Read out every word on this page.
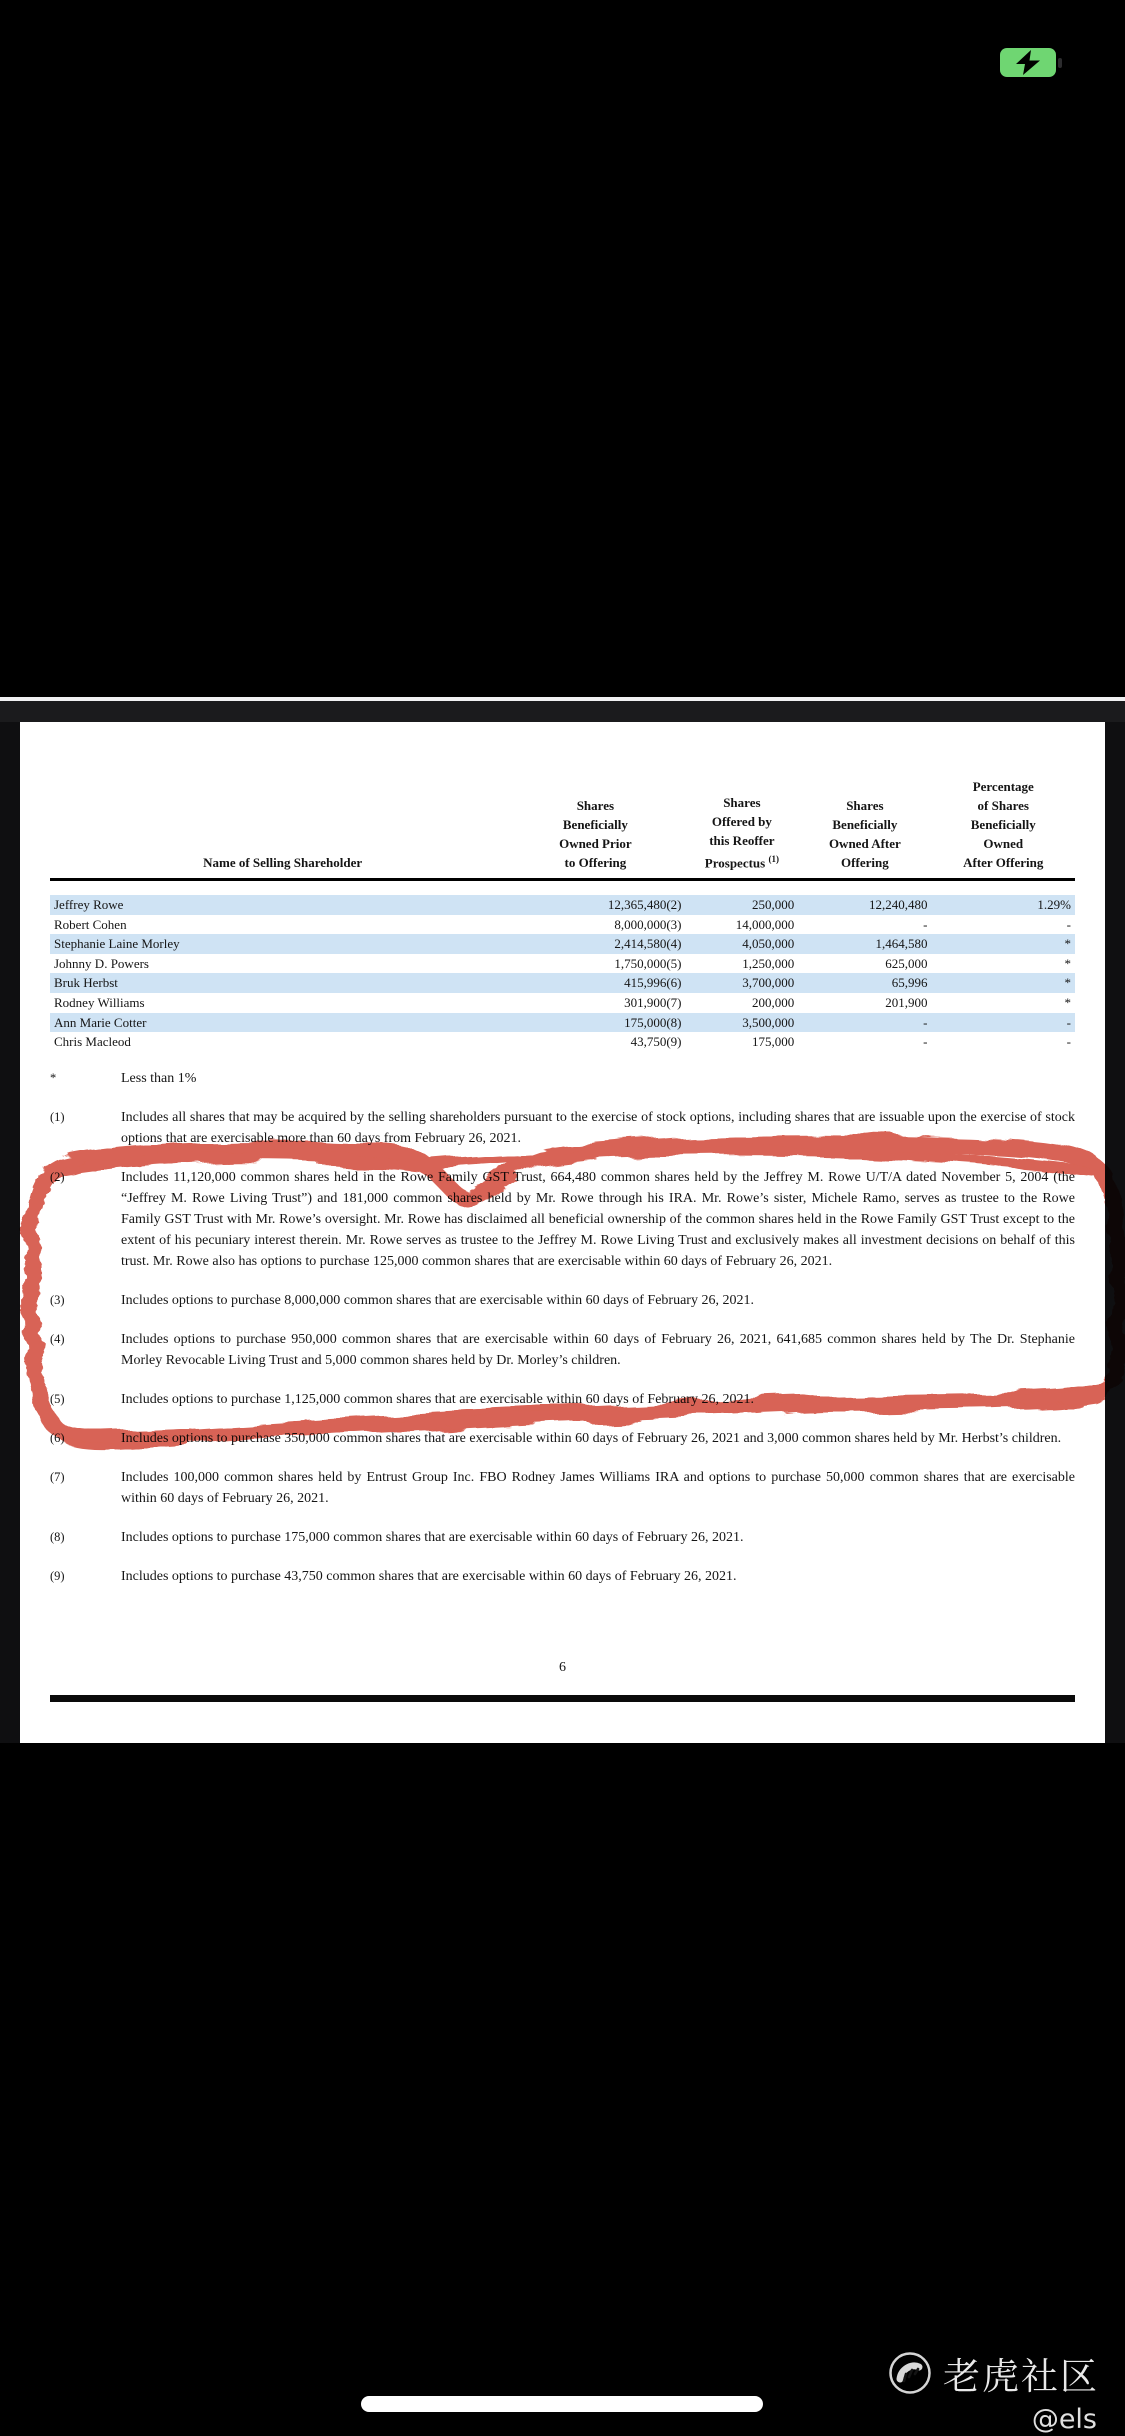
Name of Selling Shareholder	Shares
Beneficially
Owned Prior
to Offering	Shares
Offered by
this Reoffer
Prospectus $^{(1)}$	Shares
Beneficially
Owned After
Offering	Percentage
of Shares
Beneficially
Owned
After Offering

Jeffrey Rowe	12,365,480(2)	250,000	12,240,480	1.29%
Robert Cohen	8,000,000(3)	14,000,000	-	-
Stephanie Laine Morley	2,414,580(4)	4,050,000	1,464,580	*
Johnny D. Powers	1,750,000(5)	1,250,000	625,000	*
Bruk Herbst	415,996(6)	3,700,000	65,996	*
Rodney Williams	301,900(7)	200,000	201,900	*
Ann Marie Cotter	175,000(8)	3,500,000	-	-
Chris Macleod	43,750(9)	175,000	-	-
*	Less than 1%

(1)	Includes all shares that may be acquired by the selling shareholders pursuant to the exercise of stock options, including shares that are issuable upon the exercise of stock options that are exercisable more than 60 days from February 26, 2021.

(2)	Includes 11,120,000 common shares held in the Rowe Family GST Trust, 664,480 common shares held by the Jeffrey M. Rowe U/T/A dated November 5, 2004 (the “Jeffrey M. Rowe Living Trust”) and 181,000 common shares held by Mr. Rowe through his IRA. Mr. Rowe’s sister, Michele Ramo, serves as trustee to the Rowe Family GST Trust with Mr. Rowe’s oversight. Mr. Rowe has disclaimed all beneficial ownership of the common shares held in the Rowe Family GST Trust except to the extent of his pecuniary interest therein. Mr. Rowe serves as trustee to the Jeffrey M. Rowe Living Trust and exclusively makes all investment decisions on behalf of this trust. Mr. Rowe also has options to purchase 125,000 common shares that are exercisable within 60 days of February 26, 2021.

(3)	Includes options to purchase 8,000,000 common shares that are exercisable within 60 days of February 26, 2021.

(4)	Includes options to purchase 950,000 common shares that are exercisable within 60 days of February 26, 2021, 641,685 common shares held by The Dr. Stephanie Morley Revocable Living Trust and 5,000 common shares held by Dr. Morley’s children.

(5)	Includes options to purchase 1,125,000 common shares that are exercisable within 60 days of February 26, 2021.

(6)	Includes options to purchase 350,000 common shares that are exercisable within 60 days of February 26, 2021 and 3,000 common shares held by Mr. Herbst’s children.

(7)	Includes 100,000 common shares held by Entrust Group Inc. FBO Rodney James Williams IRA and options to purchase 50,000 common shares that are exercisable within 60 days of February 26, 2021.

(8)	Includes options to purchase 175,000 common shares that are exercisable within 60 days of February 26, 2021.

(9)	Includes options to purchase 43,750 common shares that are exercisable within 60 days of February 26, 2021.

6
老虎社区
@els
